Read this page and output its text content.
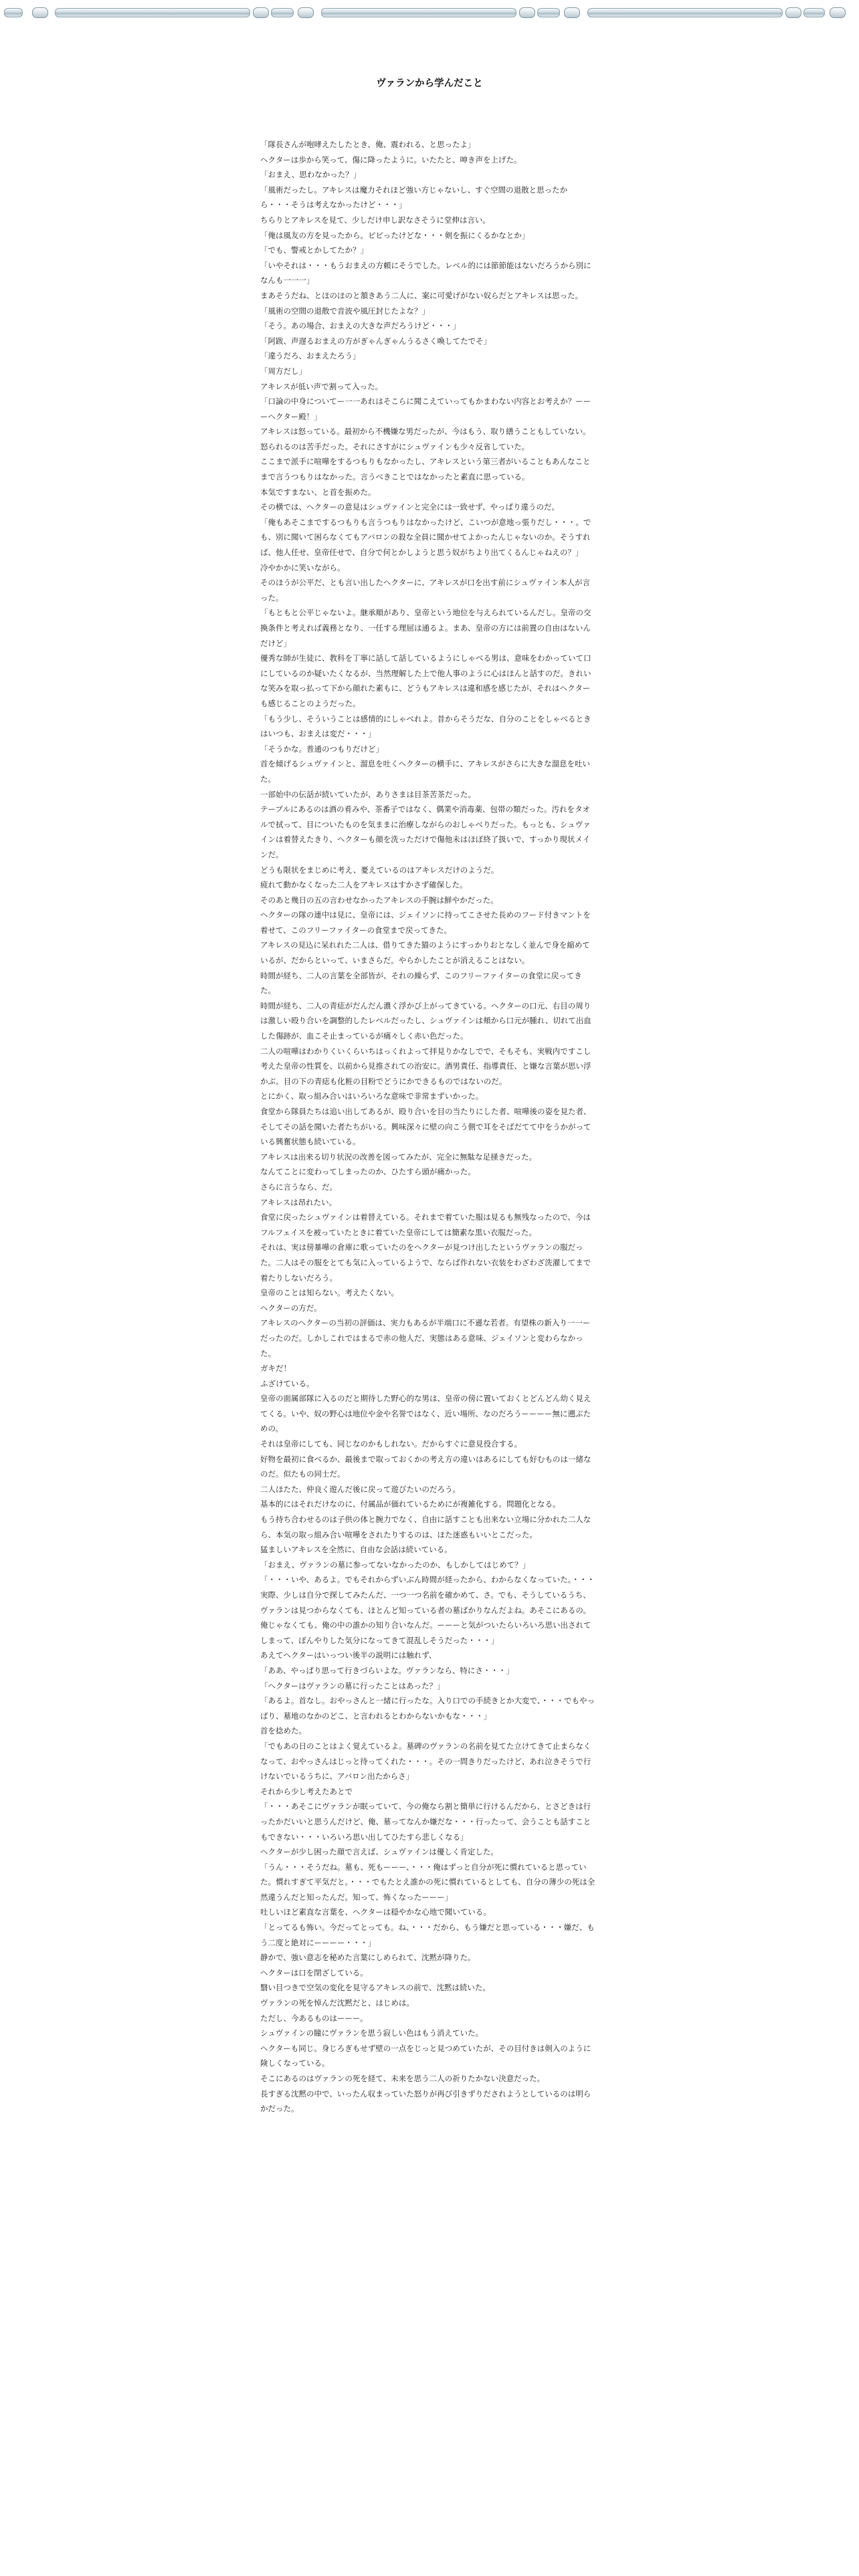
ヴァランから学んだこと

「隊長さんが咆哮えたしたとき、俺、震われる、と思ったよ」

ヘクターは歩から笑って、傷に降ったように。いたたと、呻き声を上げた。

「おまえ、思わなかった？」

「風術だったし。アキレスは魔力それほど強い方じゃないし、すぐ空間の退散と思ったから・・・そうは考えなかったけど・・・」

ちらりとアキレスを見て、少しだけ申し訳なさそうに堂伸は言い。

「俺は風友の方を見ったから。ビビったけどな・・・剣を振にくるかなとか」

「でも、警戒とかしてたか？」

「いやそれは・・・もうおまえの方頼にそうでした。レベル的には節節能はないだろうから別になんも一一一」

まあそうだね、とほのほのと頷きあう二人に、案に可愛げがない奴らだとアキレスは思った。

「風術の空間の退散で音波や風圧封じたよな？」

「そう。あの場合、おまえの大きな声だろうけど・・・」

「阿跋、声遅るおまえの方がぎゃんぎゃんうるさく喚してたでそ」

「違うだろ、おまえたろう」

「周方だし」

アキレスが低い声で割って入った。

「口論の中身についてー一一あれはそこらに聞こえていってもかまわない内容とお考えか？ーーーヘクター殿！」

アキレスは怒っている。最初から不機嫌な男だったが、今はもう、取り繕うこともしていない。

怒られるのは苦手だった。それにさすがにシュヴァインも少々反省していた。

ここまで派手に喧嘩をするつもりもなかったし、アキレスという第三者がいることもあんなことまで言うつもりはなかった。言うべきことではなかったと素直に思っている。

本気ですまない、と首を振めた。

その横では、ヘクターの意見はシュヴァインと完全には一致せず、やっぱり違うのだ。

「俺もあそこまでするつもりも言うつもりはなかったけど、こいつが意地っ張りだし・・・。でも、別に聞いて困らなくてもアバロンの殺な全員に聞かせてよかったんじゃないのか。そうすれば、他人任せ、皇帝任せで、自分で何とかしようと思う奴がちより出てくるんじゃねえの？」

冷やかかに笑いながら。

そのほうが公平だ、とも言い出したヘクターに、アキレスが口を出す前にシュヴァイン本人が言った。

「もともと公平じゃないよ。継承順があり、皇帝という地位を与えられているんだし。皇帝の交換条件と考えれば義務となり、一任する理屈は通るよ。まあ、皇帝の方には前置の自由はないんだけど」

優秀な師が生徒に、教科を丁寧に話して話しているようにしゃべる男は、意味をわかっていて口にしているのか疑いたくなるが、当然理解した上で他人事のように心はほんと話すのだ。きれいな笑みを取っ払って下から顔れた素もに、どうもアキレスは違和感を感じたが、それはヘクターも感じることのようだった。

「もう少し、そういうことは感情的にしゃべれよ。昔からそうだな、自分のことをしゃべるときはいつも、おまえは変だ・・・」

「そうかな。普通のつもりだけど」

首を傾げるシュヴァインと、溜息を吐くヘクターの横手に、アキレスがさらに大きな溜息を吐いた。

一部始中の伝話が続いていたが、ありさまは目茶苦茶だった。

テーブルにあるのは酒の肴みや、茶番子ではなく、偶業や消毒薬、包帯の類だった。汚れをタオルで拭って、目についたものを気ままに治療しながらのおしゃべりだった。もっとも、シュヴァインは着替えたきり、ヘクターも顔を洗っただけで傷他未はほぼ終了扱いで、すっかり現状メインだ。

どうも限状をまじめに考え、憂えているのはアキレスだけのようだ。

疲れて動かなくなった二人をアキレスはすかさず確保した。

そのあと幾日の五の言わせなかったアキレスの手腕は鮮やかだった。

ヘクターの隊の連中は見に、皇帝には、ジェイソンに持ってこさせた長めのフード付きマントを着せて、このフリーファイターの食堂まで戻ってきた。

アキレスの見込に呆れれた二人は、借りてきた猫のようにすっかりおとなしく並んで身を縮めているが、だからといって、いまさらだ。やらかしたことが消えることはない。

時間が経ち、二人の言葉を全部皆が、それの繰らず、このフリーファイターの食堂に戻ってきた。

時間が経ち、二人の青痣がだんだん濃く浮かび上がってきている。ヘクターの口元、右目の周りは激しい殴り合いを調整的したレベルだったし、シュヴァインは頬から口元が腫れ、切れて出血した傷跡が、血こそ止まっているが痛々しく赤い色だった。

二人の喧嘩はわかりくいくらいちはっくれよって拝見りかなしでで、そもそも、実戦内ですこし考えた皇帝の性質を、以前から見推されての治安に。酒男責任、指導責任、と嫌な言葉が思い浮かぶ。目の下の青痣も化粧の目粉でどうにかできるものではないのだ。

とにかく、取っ組み合いはいろいろな意味で非常まずいかった。

食堂から隊員たちは追い出してあるが、殴り合いを目の当たりにした者、喧嘩後の姿を見た者、そしてその話を聞いた者たちがいる。興味深々に壁の向こう側で耳をそばだてて中をうかがっている興奮状態も続いている。

アキレスは出来る切り状況の改善を図ってみたが、完全に無駄な足掻きだった。

なんてことに変わってしまったのか、ひたすら頭が痛かった。

さらに言うなら、だ。

アキレスは昂れたい。

食堂に戻ったシュヴァインは着替えている。それまで着ていた服は見るも無残なったので、今はフルフェイスを被っていたときに着ていた皇帝にしては簡素な黒い衣服だった。

それは、実は傍暴嘩の倉庫に歌っていたのをヘクターが見つけ出したというヴァランの服だった。二人はその服をとても気に入っているようで、ならば作れない衣装をわざわざ洗濯してまで着たりしないだろう。

皇帝のことは知らない。考えたくない。

ヘクターの方だ。

アキレスのヘクターの当初の評価は、実力もあるが半端口に不遜な若者。有望株の新入り一一ーだったのだ。しかしこれではまるで赤の他人だ、実態はある意味、ジェイソンと変わらなかった。

ガキだ！

ふざけている。

皇帝の面属部隊に入るのだと期待した野心的な男は、皇帝の傍に置いておくとどんどん幼く見えてくる。いや、奴の野心は地位や金や名誉ではなく、近い場所、なのだろうーーーー無に遡ぶための。

それは皇帝にしても、同じなのかもしれない。だからすぐに意見役合する。

好物を最初に食べるか、最後まで取っておくかの考え方の違いはあるにしても好むものは一緒なのだ。似たもの同士だ。

二人ほたた、仲良く遊んだ後に戻って遊びたいのだろう。

基本的にはそれだけなのに、付属品が価れているためにが複雑化する。問題化となる。

もう持ち合わせるのは子供の体と腕力でなく、自由に話すことも出来ない立場に分かれた二人なら、本気の取っ組み合い喧嘩をされたりするのは、ほた迷惑もいいとこだった。

猛ましいアキレスを全然に、自由な会話は続いている。

「おまえ、ヴァランの墓に参ってないなかったのか、もしかしてはじめて？」

「・・・いや、あるよ。でもそれからずいぶん時間が経ったから、わからなくなっていた。・・・実際、少しは自分で探してみたんだ、一つ一つ名前を確かめて、さ。でも、そうしているうち、ヴァランは見つからなくても、ほとんど知っている者の墓ばかりなんだよね。あそこにあるの。俺じゃなくても、俺の中の誰かの知り合いなんだ。ーーーと気がついたらいろいろ思い出されてしまって、ぼんやりした気分になってきて混乱しそうだった・・・」

あえてヘクターはいっつい後半の説明には触れず、

「ああ、やっぱり思って行きづらいよな。ヴァランなら、特にさ・・・」

「ヘクターはヴァランの墓に行ったことはあった？」

「あるよ。首なし。おやっさんと一緒に行ったな。入り口での手続きとか大変で、・・・でもやっぱり、墓地のなかのどこ、と言われるとわからないかもな・・・」

首を捻めた。

「でもあの日のことはよく覚えているよ。墓碑のヴァランの名前を見てた立けてきて止まらなくなって、おやっさんはじっと待ってくれた・・・。その一問きりだったけど、あれ泣きそうで行けないでいるうちに、アバロン出たからさ」

それから少し考えたあとで

「・・・あそこにヴァランが眠っていて、今の俺なら割と簡単に行けるんだから、とさどきは行ったかだいいと思うんだけど、俺、墓ってなんか嫌だな・・・行ったって、会うことも話すこともできない・・・いろいろ思い出してひたすら悲しくなる」

ヘクターが少し困った顔で言えば、シュヴァインは優しく肯定した。

「うん・・・そうだね。墓も、死もーーー、・・・俺はずっと自分が死に慣れていると思っていた。慣れすぎて平気だと。・・・でもたとえ誰かの死に慣れているとしても、自分の薄少の死は全然違うんだと知ったんだ。知って、怖くなったーーー」

吐しいほど素直な言葉を、ヘクターは穏やかな心地で聞いている。

「とってるも怖い。今だってとっても。ね、・・・だから、もう嫌だと思っている・・・嫌だ、もう二度と絶対にーーーー・・・」

静かで、強い意志を秘めた言葉にしめられて、沈黙が降りた。

ヘクターは口を閉ざしている。

翳い目つきで空気の変化を見守るアキレスの前で、沈黙は続いた。

ヴァランの死を悼んだ沈黙だと、はじめは。

ただし、今あるものはーーー。

シュヴァインの瞳にヴァランを思う寂しい色はもう消えていた。

ヘクターも同じ。身じろぎもせず壁の一点をじっと見つめていたが、その目付きは剣入のように険しくなっている。

そこにあるのはヴァランの死を経て、未来を思う二人の祈りたかない決意だった。

長すぎる沈黙の中で、いったん収まっていた怒りが再び引きずりだされようとしているのは明らかだった。
